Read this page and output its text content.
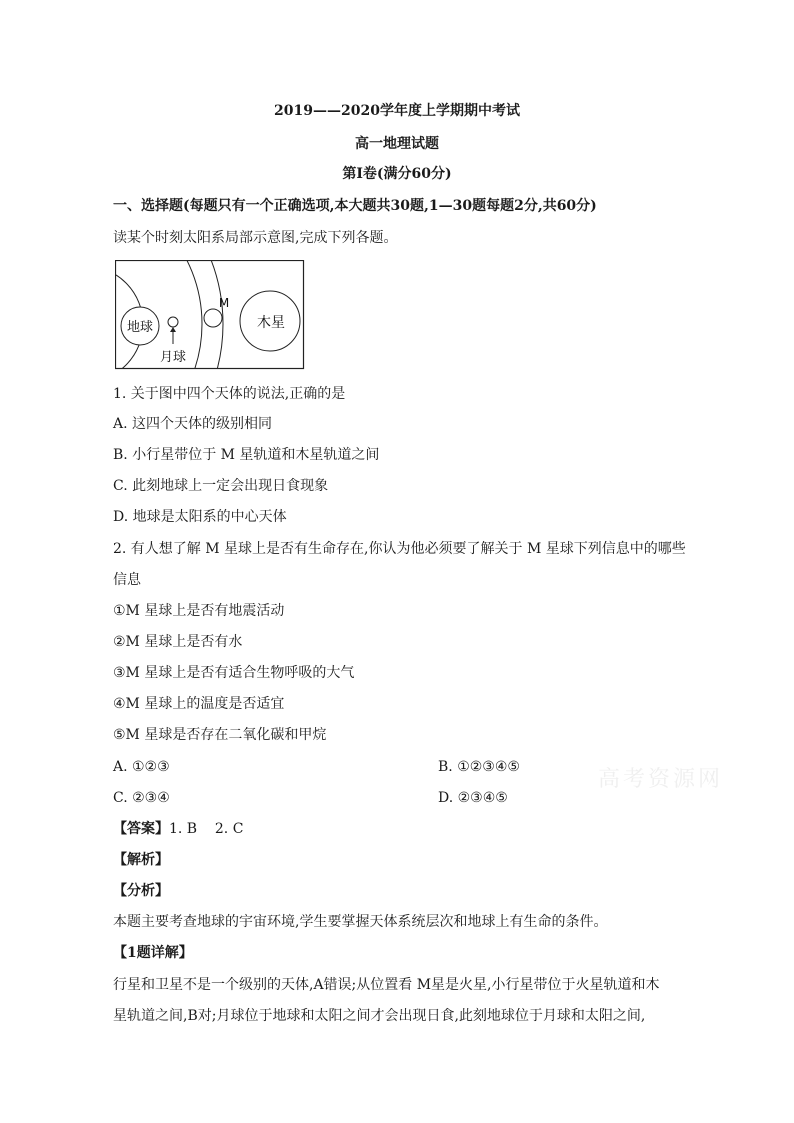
2019——2020学年度上学期期中考试
高一地理试题
第Ⅰ卷(满分60分)
一、选择题(每题只有一个正确选项,本大题共30题,1—30题每题2分,共60分)
读某个时刻太阳系局部示意图,完成下列各题。
地球
月球
M
木星
1. 关于图中四个天体的说法,正确的是
A. 这四个天体的级别相同
B. 小行星带位于 M 星轨道和木星轨道之间
C. 此刻地球上一定会出现日食现象
D. 地球是太阳系的中心天体
2. 有人想了解 M 星球上是否有生命存在,你认为他必须要了解关于 M 星球下列信息中的哪些
信息
①M 星球上是否有地震活动
②M 星球上是否有水
③M 星球上是否有适合生物呼吸的大气
④M 星球上的温度是否适宜
⑤M 星球是否存在二氧化碳和甲烷
A. ①②③	B. ①②③④⑤
C. ②③④	D. ②③④⑤
高考资源网
【答案】1. B    2. C
【解析】
【分析】
本题主要考查地球的宇宙环境,学生要掌握天体系统层次和地球上有生命的条件。
【1题详解】
行星和卫星不是一个级别的天体,A错误;从位置看 M星是火星,小行星带位于火星轨道和木
星轨道之间,B对;月球位于地球和太阳之间才会出现日食,此刻地球位于月球和太阳之间,
